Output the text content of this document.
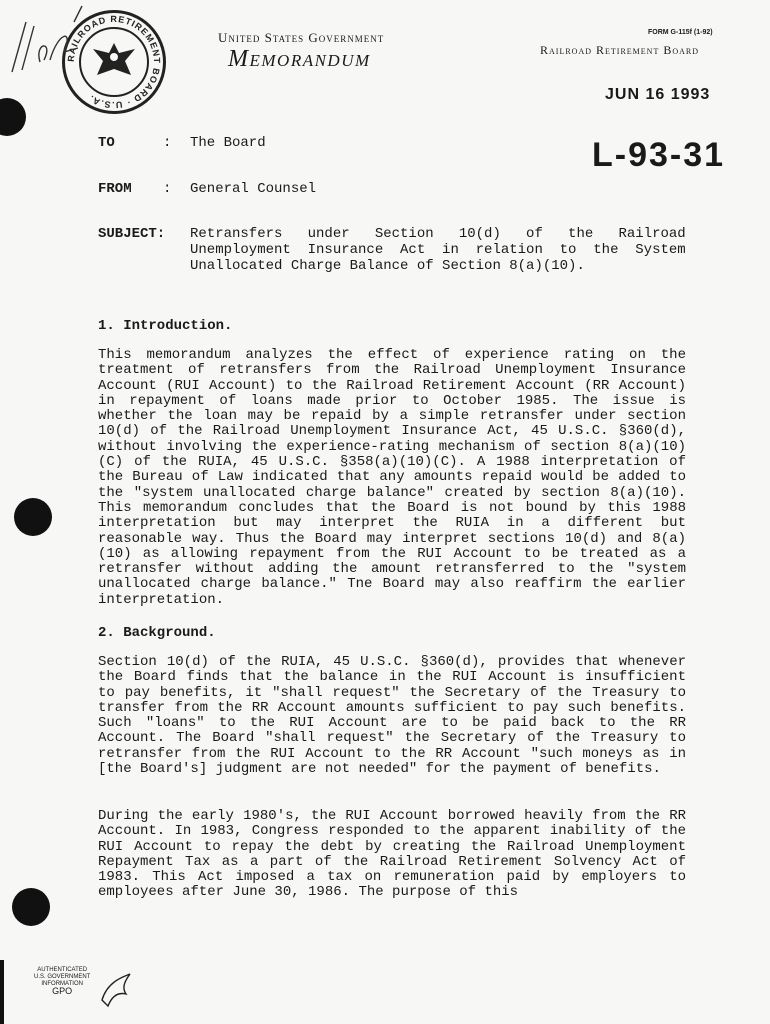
RAILROAD RETIREMENT BOARD · U.S.A.
United States Government
Memorandum
FORM G-115f (1-92)
Railroad Retirement Board
JUN 16 1993
L-93-31
TO	: The Board
FROM : General Counsel
SUBJECT: Retransfers   under   Section   10(d)   of   the   Railroad
Unemployment  Insurance  Act  in  relation  to  the  System
Unallocated Charge Balance of Section 8(a)(10).
1. Introduction.

This memorandum analyzes the effect of experience rating on the treatment of retransfers from the Railroad Unemployment Insurance Account (RUI Account) to the Railroad Retirement Account (RR Account) in repayment of loans made prior to October 1985. The issue is whether the loan may be repaid by a simple retransfer under section 10(d) of the Railroad Unemployment Insurance Act, 45 U.S.C. §360(d), without involving the experience-rating mechanism of section 8(a)(10)(C) of the RUIA, 45 U.S.C. §358(a)(10)(C). A 1988 interpretation of the Bureau of Law indicated that any amounts repaid would be added to the "system unallocated charge balance" created by section 8(a)(10). This memorandum concludes that the Board is not bound by this 1988 interpretation but may interpret the RUIA in a different but reasonable way. Thus the Board may interpret sections 10(d) and 8(a)(10) as allowing repayment from the RUI Account to be treated as a retransfer without adding the amount retransferred to the "system unallocated charge balance." Tne Board may also reaffirm the earlier interpretation.

2. Background.

Section 10(d) of the RUIA, 45 U.S.C. §360(d), provides that whenever the Board finds that the balance in the RUI Account is insufficient to pay benefits, it "shall request" the Secretary of the Treasury to transfer from the RR Account amounts sufficient to pay such benefits. Such "loans" to the RUI Account are to be paid back to the RR Account. The Board "shall request" the Secretary of the Treasury to retransfer from the RUI Account to the RR Account "such moneys as in [the Board's] judgment are not needed" for the payment of benefits.

During the early 1980's, the RUI Account borrowed heavily from the RR Account. In 1983, Congress responded to the apparent inability of the RUI Account to repay the debt by creating the Railroad Unemployment Repayment Tax as a part of the Railroad Retirement Solvency Act of 1983. This Act imposed a tax on remuneration paid by employers to employees after June 30, 1986. The purpose of this

AUTHENTICATED
U.S. GOVERNMENT
INFORMATION
GPO
